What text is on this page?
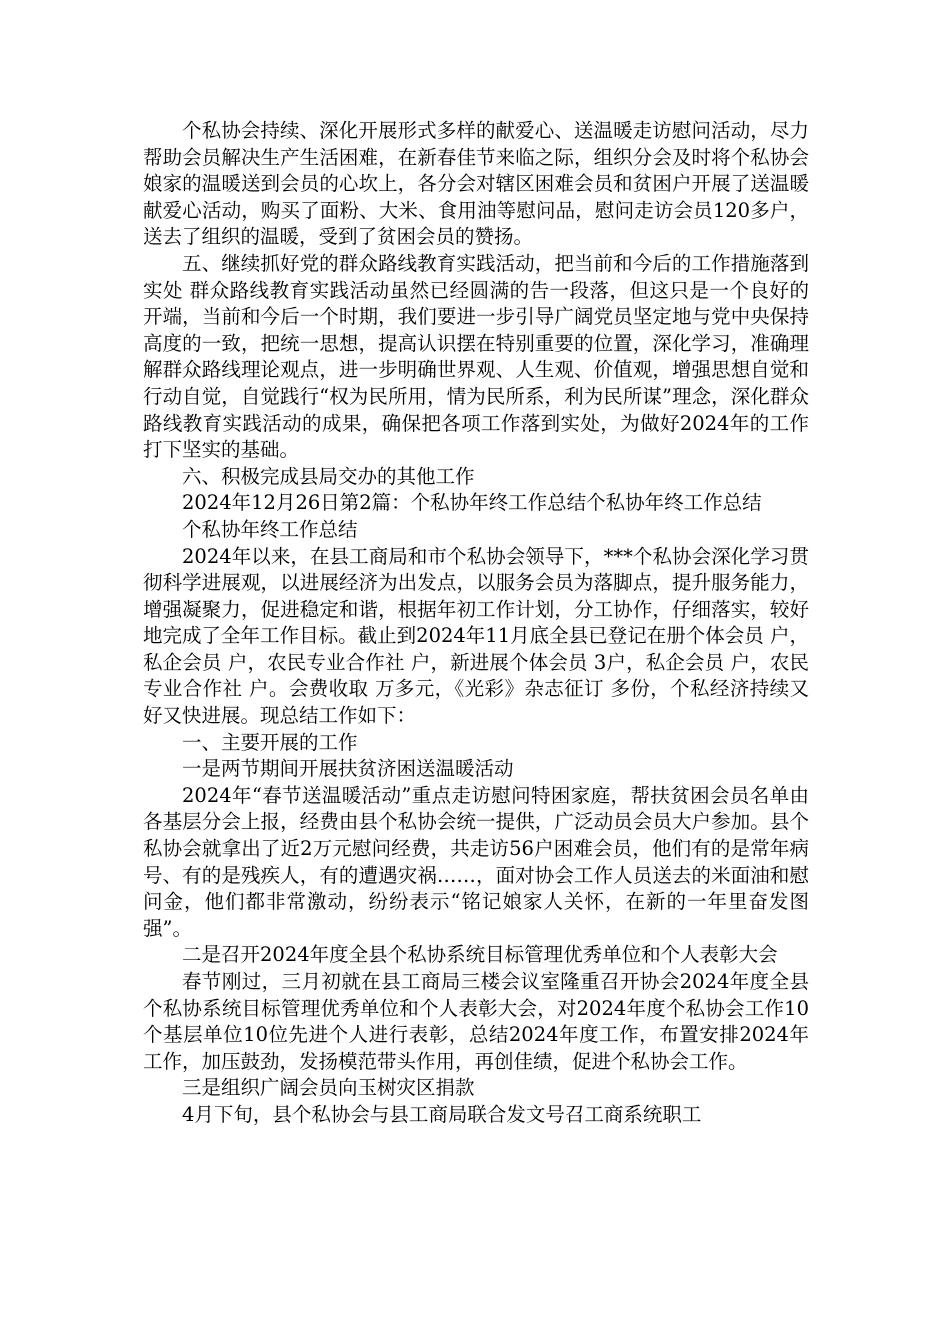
个私协会持续、深化开展形式多样的献爱心、送温暖走访慰问活动，尽力帮助会员解决生产生活困难，在新春佳节来临之际，组织分会及时将个私协会娘家的温暖送到会员的心坎上，各分会对辖区困难会员和贫困户开展了送温暖献爱心活动，购买了面粉、大米、食用油等慰问品，慰问走访会员120多户，送去了组织的温暖，受到了贫困会员的赞扬。

五、继续抓好党的群众路线教育实践活动，把当前和今后的工作措施落到实处 群众路线教育实践活动虽然已经圆满的告一段落，但这只是一个良好的开端，当前和今后一个时期，我们要进一步引导广阔党员坚定地与党中央保持高度的一致，把统一思想，提高认识摆在特别重要的位置，深化学习，准确理解群众路线理论观点，进一步明确世界观、人生观、价值观，增强思想自觉和行动自觉，自觉践行“权为民所用，情为民所系，利为民所谋”理念，深化群众路线教育实践活动的成果，确保把各项工作落到实处，为做好2024年的工作打下坚实的基础。

六、积极完成县局交办的其他工作

2024年12月26日第2篇：个私协年终工作总结个私协年终工作总结

个私协年终工作总结

2024年以来，在县工商局和市个私协会领导下，***个私协会深化学习贯彻科学进展观，以进展经济为出发点，以服务会员为落脚点，提升服务能力，增强凝聚力，促进稳定和谐，根据年初工作计划，分工协作，仔细落实，较好地完成了全年工作目标。截止到2024年11月底全县已登记在册个体会员 户，私企会员 户，农民专业合作社 户，新进展个体会员 3户，私企会员 户，农民专业合作社 户。会费收取 万多元，《光彩》杂志征订 多份，个私经济持续又好又快进展。现总结工作如下：

一、主要开展的工作

一是两节期间开展扶贫济困送温暖活动

2024年“春节送温暖活动”重点走访慰问特困家庭，帮扶贫困会员名单由各基层分会上报，经费由县个私协会统一提供，广泛动员会员大户参加。县个私协会就拿出了近2万元慰问经费，共走访56户困难会员，他们有的是常年病号、有的是残疾人，有的遭遇灾祸……，面对协会工作人员送去的米面油和慰问金，他们都非常激动，纷纷表示“铭记娘家人关怀，在新的一年里奋发图强”。

二是召开2024年度全县个私协系统目标管理优秀单位和个人表彰大会

春节刚过，三月初就在县工商局三楼会议室隆重召开协会2024年度全县个私协系统目标管理优秀单位和个人表彰大会，对2024年度个私协会工作10个基层单位10位先进个人进行表彰，总结2024年度工作，布置安排2024年工作，加压鼓劲，发扬模范带头作用，再创佳绩，促进个私协会工作。

三是组织广阔会员向玉树灾区捐款

4月下旬，县个私协会与县工商局联合发文号召工商系统职工
